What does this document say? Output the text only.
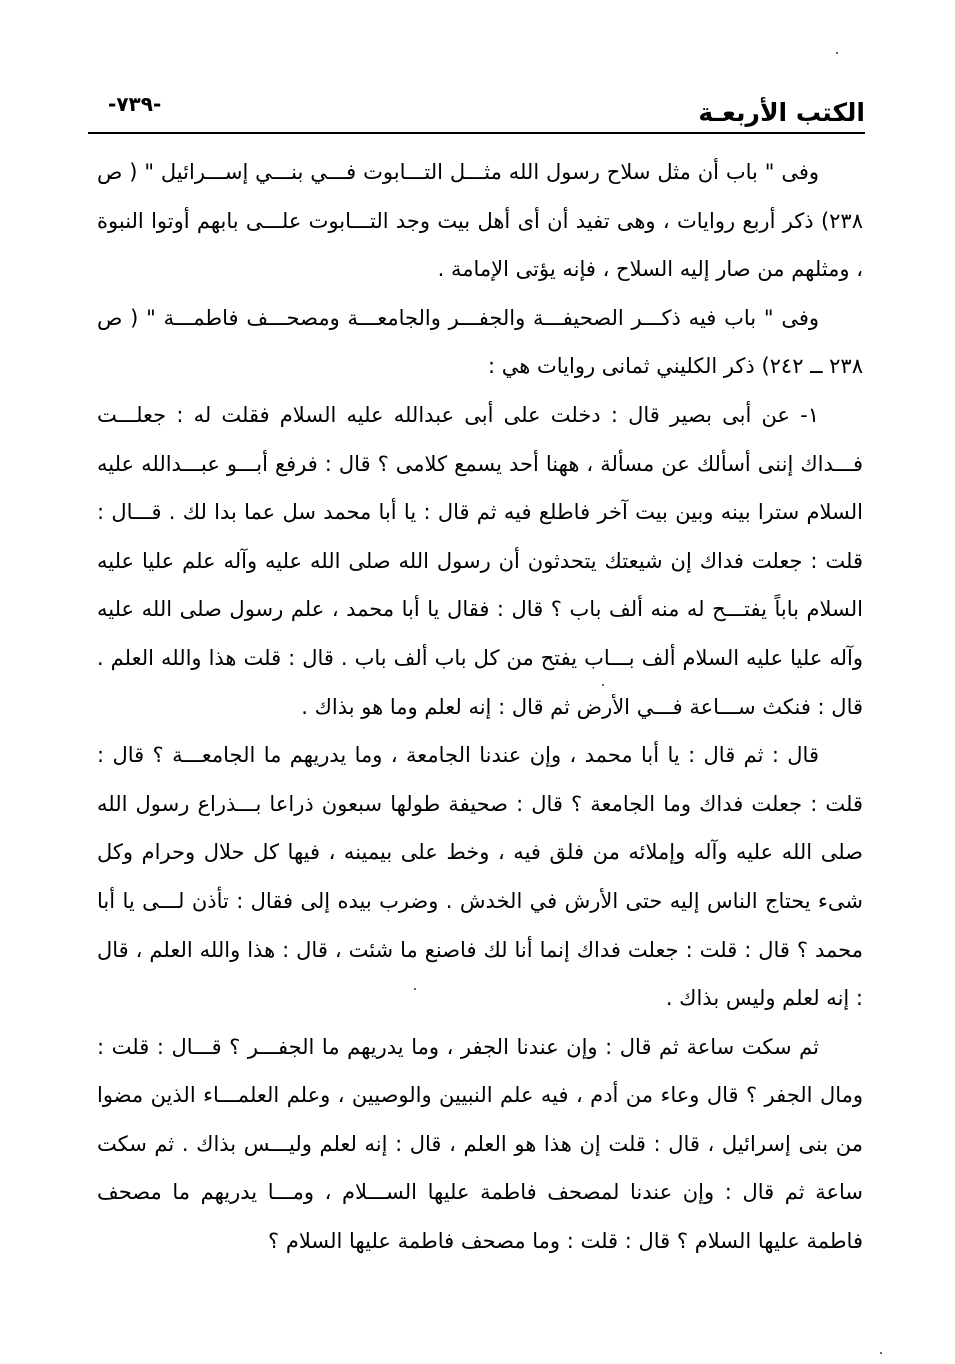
الكتب الأربعـة
-٧٣٩-

وفى " باب أن مثل سلاح رسول الله مثـــل التـــابوت فـــي بنـــي إســـرائيل " ( ص ٢٣٨) ذكر أربع روايات ، وهى تفيد أن أى أهل بيت وجد التـــابوت علـــى بابهم أوتوا النبوة ، ومثلهم من صار إليه السلاح ، فإنه يؤتى الإمامة .

وفى " باب فيه ذكـــر الصحيفـــة والجفـــر والجامعـــة ومصحـــف فاطمـــة " ( ص ٢٣٨ ــ ٢٤٢) ذكر الكليني ثمانى روايات هي :

١- عن أبى بصير قال : دخلت على أبى عبدالله عليه السلام فقلت له : جعلـــت فـــداك إننى أسألك عن مسألة ، ههنا أحد يسمع كلامى ؟ قال : فرفع أبـــو عبـــدالله عليه السلام سترا بينه وبين بيت آخر فاطلع فيه ثم قال : يا أبا محمد سل عما بدا لك . قـــال : قلت : جعلت فداك إن شيعتك يتحدثون أن رسول الله صلى الله عليه وآله علم عليا عليه السلام باباً يفتـــح له منه ألف باب ؟ قال : فقال يا أبا محمد ، علم رسول صلى الله عليه وآله عليا عليه السلام ألف بـــاب يفتح من كل باب ألف باب . قال : قلت هذا والله العلم . قال : فنكث ســـاعة فـــي الأرض ثم قال : إنه لعلم وما هو بذاك .

قال : ثم قال : يا أبا محمد ، وإن عندنا الجامعة ، وما يدريهم ما الجامعـــة ؟ قال : قلت : جعلت فداك وما الجامعة ؟ قال : صحيفة طولها سبعون ذراعا بـــذراع رسول الله صلى الله عليه وآله وإملائه من فلق فيه ، وخط على بيمينه ، فيها كل حلال وحرام وكل شىء يحتاج الناس إليه حتى الأرش في الخدش . وضرب بيده إلى فقال : تأذن لـــى يا أبا محمد ؟ قال : قلت : جعلت فداك إنما أنا لك فاصنع ما شئت ، قال : هذا والله العلم ، قال : إنه لعلم وليس بذاك .

ثم سكت ساعة ثم قال : وإن عندنا الجفر ، وما يدريهم ما الجفـــر ؟ قـــال : قلت : ومال الجفر ؟ قال وعاء من أدم ، فيه علم النبيين والوصيين ، وعلم العلمـــاء الذين مضوا من بنى إسرائيل ، قال : قلت إن هذا هو العلم ، قال : إنه لعلم وليـــس بذاك . ثم سكت ساعة ثم قال : وإن عندنا لمصحف فاطمة عليها الســـلام ، ومـــا يدريهم ما مصحف فاطمة عليها السلام ؟ قال : قلت : وما مصحف فاطمة عليها السلام ؟
